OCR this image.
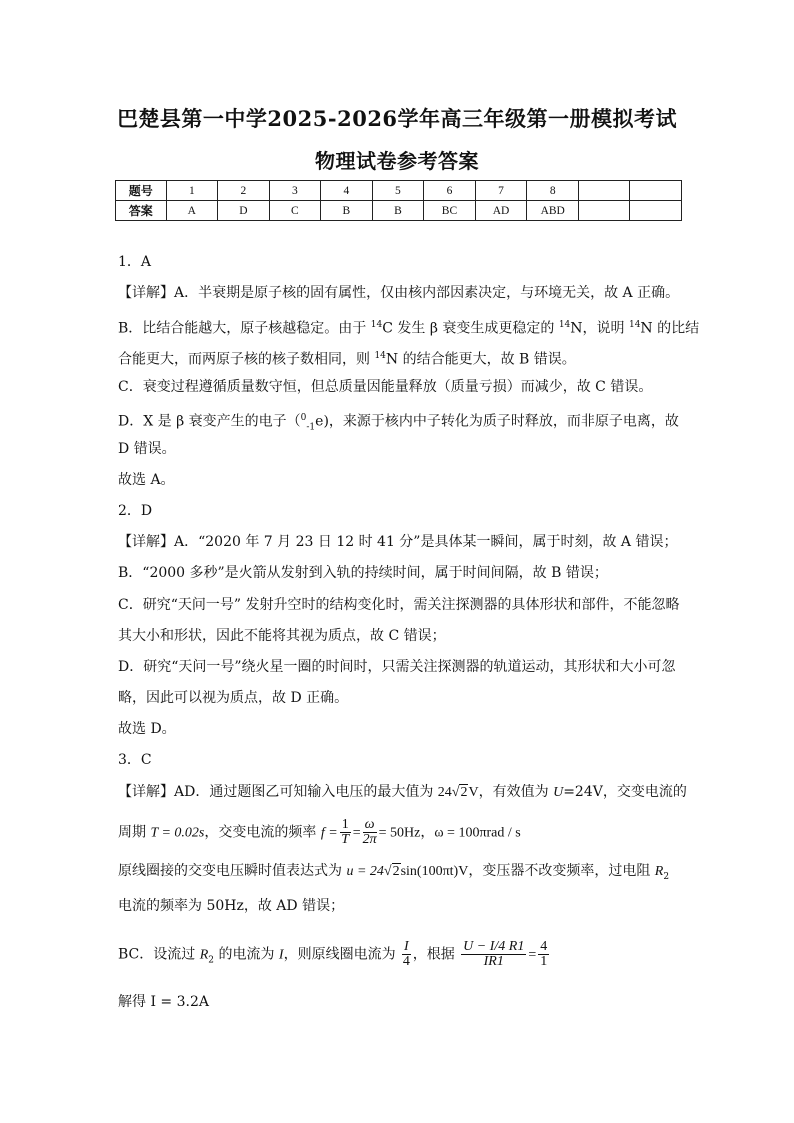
巴楚县第一中学2025-2026学年高三年级第一册模拟考试
物理试卷参考答案
题号	1	2	3	4	5	6	7	8		
答案	A	D	C	B	B	BC	AD	ABD		
1．A
【详解】A．半衰期是原子核的固有属性，仅由核内部因素决定，与环境无关，故 A 正确。
B．比结合能越大，原子核越稳定。由于 $^{14}$C 发生 β 衰变生成更稳定的 $^{14}$N，说明 $^{14}$N 的比结
合能更大，而两原子核的核子数相同，则 $^{14}$N 的结合能更大，故 B 错误。
C．衰变过程遵循质量数守恒，但总质量因能量释放（质量亏损）而减少，故 C 错误。
D．X 是 β 衰变产生的电子（$^0_{-1}$e)，来源于核内中子转化为质子时释放，而非原子电离，故
D 错误。
故选 A。
2．D
【详解】A．“2020 年 7 月 23 日 12 时 41 分”是具体某一瞬间，属于时刻，故 A 错误；
B．“2000 多秒”是火箭从发射到入轨的持续时间，属于时间间隔，故 B 错误；
C．研究“天问一号” 发射升空时的结构变化时，需关注探测器的具体形状和部件，不能忽略
其大小和形状，因此不能将其视为质点，故 C 错误；
D．研究“天问一号”绕火星一圈的时间时，只需关注探测器的轨道运动，其形状和大小可忽
略，因此可以视为质点，故 D 正确。
故选 D。
3．C
【详解】AD．通过题图乙可知输入电压的最大值为 24√2V，有效值为 U=24V，交变电流的
周期 T = 0.02s，交变电流的频率 $f = \frac{1}{T} = \frac{\omega}{2\pi} = 50Hz$，ω = 100πrad / s
原线圈接的交变电压瞬时值表达式为 u = 24√2sin(100πt)V，变压器不改变频率，过电阻 $R_2$
电流的频率为 50Hz，故 AD 错误；
BC．设流过 $R_2$ 的电流为 I，则原线圈电流为 $\frac{I}{4}$ ，根据 $\frac{U - I/4 R1}{IR1} = \frac{4}{1}$
解得 I = 3.2A
